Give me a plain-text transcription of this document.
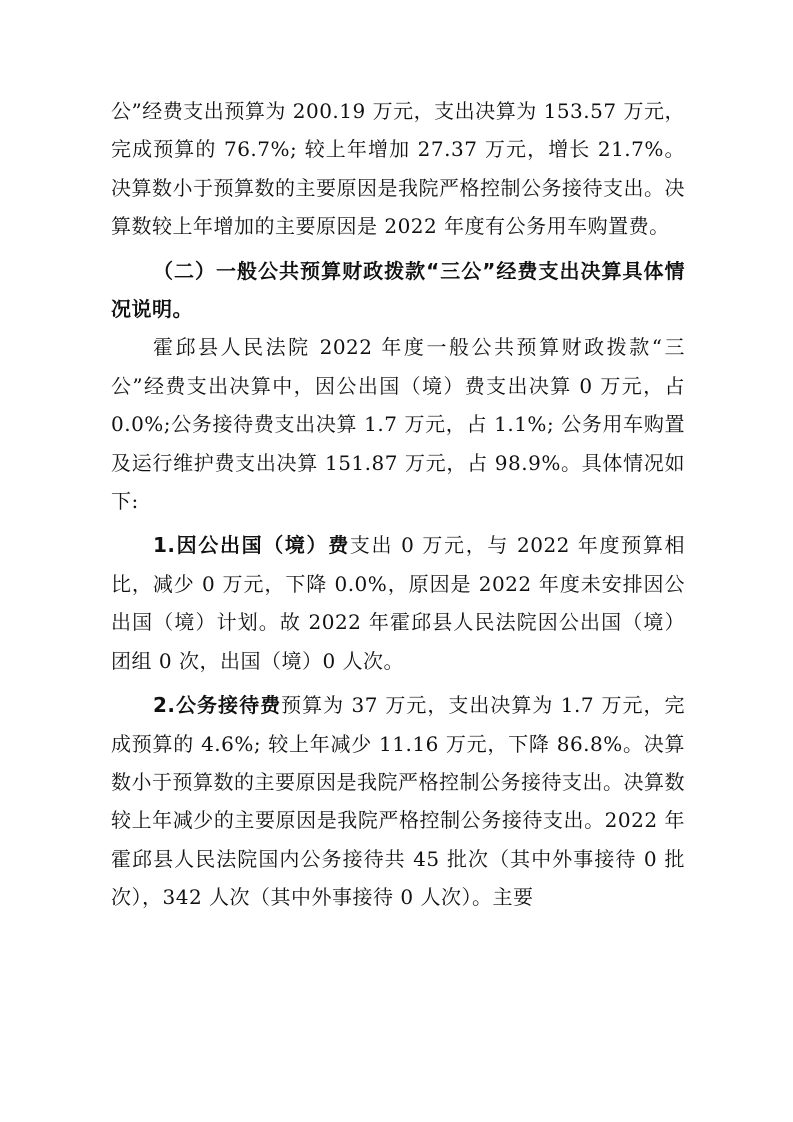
公”经费支出预算为 200.19 万元，支出决算为 153.57 万元，完成预算的 76.7%; 较上年增加 27.37 万元，增长 21.7%。决算数小于预算数的主要原因是我院严格控制公务接待支出。决算数较上年增加的主要原因是 2022 年度有公务用车购置费。

（二）一般公共预算财政拨款“三公”经费支出决算具体情况说明。

霍邱县人民法院 2022 年度一般公共预算财政拨款“三公”经费支出决算中，因公出国（境）费支出决算 0 万元，占 0.0%;公务接待费支出决算 1.7 万元，占 1.1%; 公务用车购置及运行维护费支出决算 151.87 万元，占 98.9%。具体情况如下:

1.因公出国（境）费支出 0 万元，与 2022 年度预算相比，减少 0 万元，下降 0.0%，原因是 2022 年度未安排因公出国（境）计划。故 2022 年霍邱县人民法院因公出国（境）团组 0 次，出国（境）0 人次。

2.公务接待费预算为 37 万元，支出决算为 1.7 万元，完成预算的 4.6%; 较上年减少 11.16 万元，下降 86.8%。决算数小于预算数的主要原因是我院严格控制公务接待支出。决算数较上年减少的主要原因是我院严格控制公务接待支出。2022 年霍邱县人民法院国内公务接待共 45 批次（其中外事接待 0 批次），342 人次（其中外事接待 0 人次）。主要
